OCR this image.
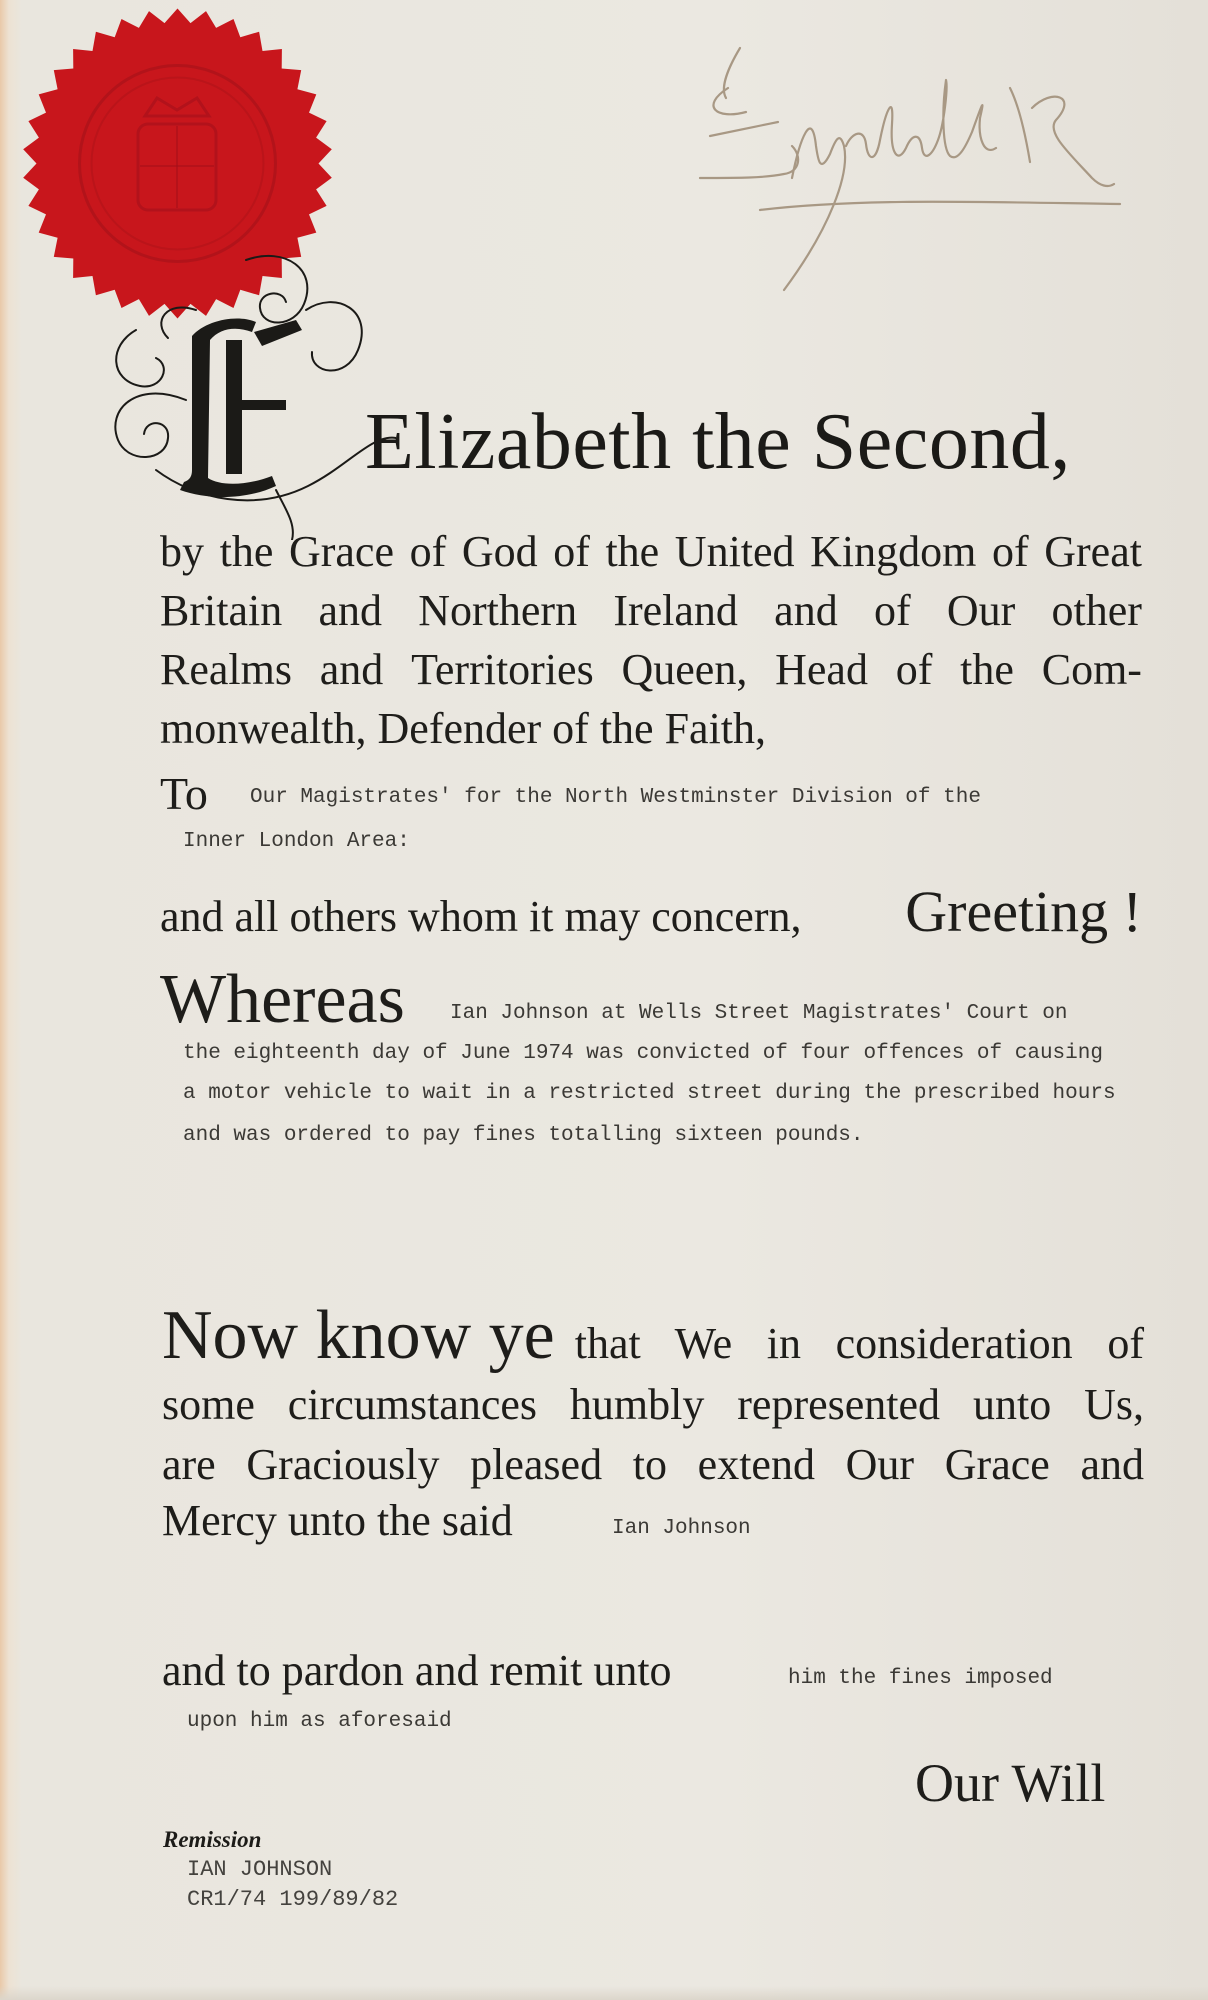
Elizabeth the Second,
by the Grace of God of the United Kingdom of Great
Britain and Northern Ireland and of Our other
Realms and Territories Queen, Head of the Com-
monwealth, Defender of the Faith,
To Our Magistrates' for the North Westminster Division of the
Inner London Area:
and all others whom it may concern, Greeting !
Whereas Ian Johnson at Wells Street Magistrates' Court on
the eighteenth day of June 1974 was convicted of four offences of causing
a motor vehicle to wait in a restricted street during the prescribed hours
and was ordered to pay fines totalling sixteen pounds.
Now know ye that We in consideration of
some circumstances humbly represented unto Us,
are Graciously pleased to extend Our Grace and
Mercy unto the said	Ian Johnson
and to pardon and remit unto	him the fines imposed
upon him as aforesaid
Our Will
Remission
IAN JOHNSON
CR1/74 199/89/82
